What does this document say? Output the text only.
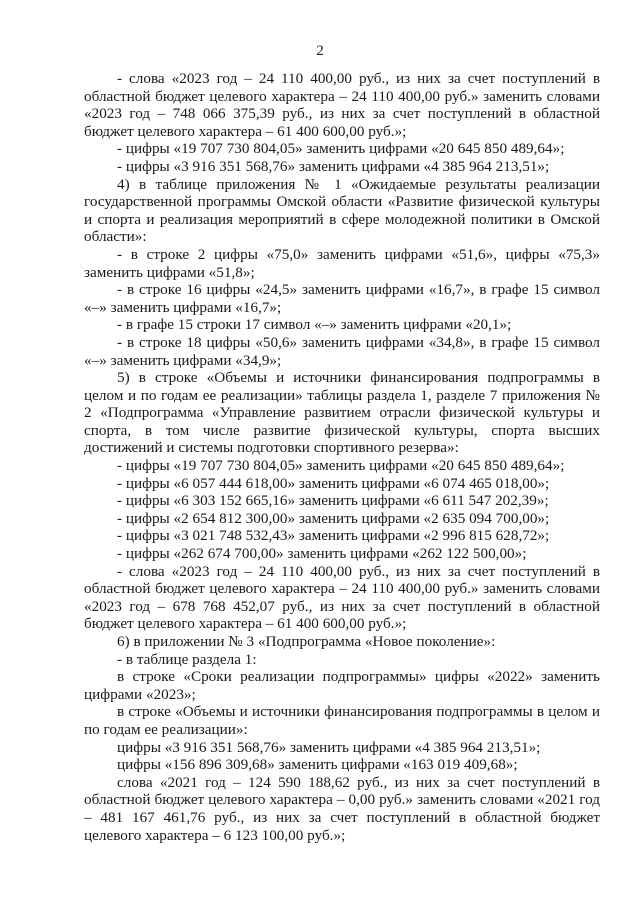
2

- слова «2023 год – 24 110 400,00 руб., из них за счет поступлений в областной бюджет целевого характера – 24 110 400,00 руб.» заменить словами «2023 год – 748 066 375,39 руб., из них за счет поступлений в областной бюджет целевого характера – 61 400 600,00 руб.»;

- цифры «19 707 730 804,05» заменить цифрами «20 645 850 489,64»;

- цифры «3 916 351 568,76» заменить цифрами «4 385 964 213,51»;

4) в таблице приложения № 1 «Ожидаемые результаты реализации государственной программы Омской области «Развитие физической культуры и спорта и реализация мероприятий в сфере молодежной политики в Омской области»:

- в строке 2 цифры «75,0» заменить цифрами «51,6», цифры «75,3» заменить цифрами «51,8»;

- в строке 16 цифры «24,5» заменить цифрами «16,7», в графе 15 символ «–» заменить цифрами «16,7»;

- в графе 15 строки 17 символ «–» заменить цифрами «20,1»;

- в строке 18 цифры «50,6» заменить цифрами «34,8», в графе 15 символ «–» заменить цифрами «34,9»;

5) в строке «Объемы и источники финансирования подпрограммы в целом и по годам ее реализации» таблицы раздела 1, разделе 7 приложения № 2 «Подпрограмма «Управление развитием отрасли физической культуры и спорта, в том числе развитие физической культуры, спорта высших достижений и системы подготовки спортивного резерва»:

- цифры «19 707 730 804,05» заменить цифрами «20 645 850 489,64»;

- цифры «6 057 444 618,00» заменить цифрами «6 074 465 018,00»;

- цифры «6 303 152 665,16» заменить цифрами «6 611 547 202,39»;

- цифры «2 654 812 300,00» заменить цифрами «2 635 094 700,00»;

- цифры «3 021 748 532,43» заменить цифрами «2 996 815 628,72»;

- цифры «262 674 700,00» заменить цифрами «262 122 500,00»;

- слова «2023 год – 24 110 400,00 руб., из них за счет поступлений в областной бюджет целевого характера – 24 110 400,00 руб.» заменить словами «2023 год – 678 768 452,07 руб., из них за счет поступлений в областной бюджет целевого характера – 61 400 600,00 руб.»;

6) в приложении № 3 «Подпрограмма «Новое поколение»:

- в таблице раздела 1:

в строке «Сроки реализации подпрограммы» цифры «2022» заменить цифрами «2023»;

в строке «Объемы и источники финансирования подпрограммы в целом и по годам ее реализации»:

цифры «3 916 351 568,76» заменить цифрами «4 385 964 213,51»;

цифры «156 896 309,68» заменить цифрами «163 019 409,68»;

слова «2021 год – 124 590 188,62 руб., из них за счет поступлений в областной бюджет целевого характера – 0,00 руб.» заменить словами «2021 год – 481 167 461,76 руб., из них за счет поступлений в областной бюджет целевого характера – 6 123 100,00 руб.»;
